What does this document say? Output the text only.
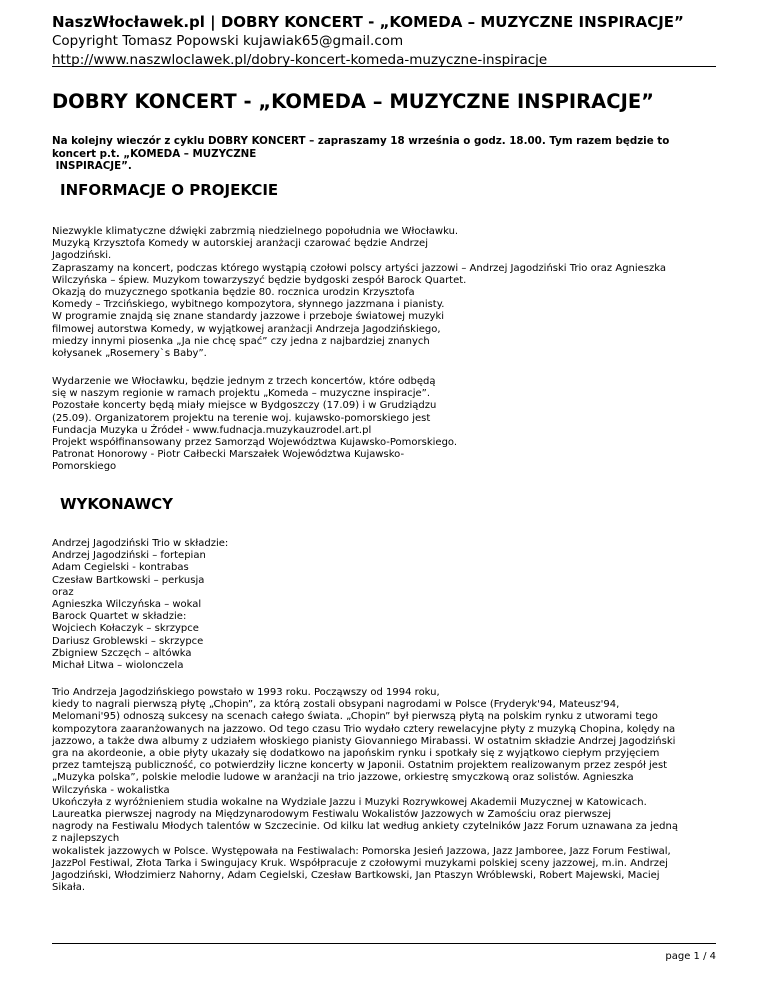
NaszWłocławek.pl | DOBRY KONCERT - „KOMEDA – MUZYCZNE INSPIRACJE”
Copyright Tomasz Popowski kujawiak65@gmail.com
http://www.naszwloclawek.pl/dobry-koncert-komeda-muzyczne-inspiracje
DOBRY KONCERT - „KOMEDA – MUZYCZNE INSPIRACJE”
Na kolejny wieczór z cyklu DOBRY KONCERT – zapraszamy 18 września o godz. 18.00. Tym razem będzie to
koncert p.t. „KOMEDA – MUZYCZNE
INSPIRACJE”.
INFORMACJE O PROJEKCIE
Niezwykle klimatyczne dźwięki zabrzmią niedzielnego popołudnia we Włocławku.
Muzyką Krzysztofa Komedy w autorskiej aranżacji czarować będzie Andrzej
Jagodziński.
Zapraszamy na koncert, podczas którego wystąpią czołowi polscy artyści jazzowi – Andrzej Jagodziński Trio oraz Agnieszka
Wilczyńska – śpiew. Muzykom towarzyszyć będzie bydgoski zespół Barock Quartet.
Okazją do muzycznego spotkania będzie 80. rocznica urodzin Krzysztofa
Komedy – Trzcińskiego, wybitnego kompozytora, słynnego jazzmana i pianisty.
W programie znajdą się znane standardy jazzowe i przeboje światowej muzyki
filmowej autorstwa Komedy, w wyjątkowej aranżacji Andrzeja Jagodzińskiego,
miedzy innymi piosenka „Ja nie chcę spać” czy jedna z najbardziej znanych
kołysanek „Rosemery`s Baby”.
Wydarzenie we Włocławku, będzie jednym z trzech koncertów, które odbędą
się w naszym regionie w ramach projektu „Komeda – muzyczne inspiracje”.
Pozostałe koncerty będą miały miejsce w Bydgoszczy (17.09) i w Grudziądzu
(25.09). Organizatorem projektu na terenie woj. kujawsko-pomorskiego jest
Fundacja Muzyka u Źródeł - www.fudnacja.muzykauzrodel.art.pl
Projekt współfinansowany przez Samorząd Województwa Kujawsko-Pomorskiego.
Patronat Honorowy - Piotr Całbecki Marszałek Województwa Kujawsko-
Pomorskiego
WYKONAWCY
Andrzej Jagodziński Trio w składzie:
Andrzej Jagodziński – fortepian
Adam Cegielski - kontrabas
Czesław Bartkowski – perkusja
oraz
Agnieszka Wilczyńska – wokal
Barock Quartet w składzie:
Wojciech Kołaczyk – skrzypce
Dariusz Groblewski – skrzypce
Zbigniew Szczęch – altówka
Michał Litwa – wiolonczela
Trio Andrzeja Jagodzińskiego powstało w 1993 roku. Począwszy od 1994 roku,
kiedy to nagrali pierwszą płytę „Chopin”, za którą zostali obsypani nagrodami w Polsce (Fryderyk'94, Mateusz'94,
Melomani'95) odnoszą sukcesy na scenach całego świata. „Chopin” był pierwszą płytą na polskim rynku z utworami tego
kompozytora zaaranżowanych na jazzowo. Od tego czasu Trio wydało cztery rewelacyjne płyty z muzyką Chopina, kolędy na
jazzowo, a także dwa albumy z udziałem włoskiego pianisty Giovanniego Mirabassi. W ostatnim składzie Andrzej Jagodziński
gra na akordeonie, a obie płyty ukazały się dodatkowo na japońskim rynku i spotkały się z wyjątkowo ciepłym przyjęciem
przez tamtejszą publiczność, co potwierdziły liczne koncerty w Japonii. Ostatnim projektem realizowanym przez zespół jest
„Muzyka polska”, polskie melodie ludowe w aranżacji na trio jazzowe, orkiestrę smyczkową oraz solistów. Agnieszka
Wilczyńska - wokalistka
Ukończyła z wyróżnieniem studia wokalne na Wydziale Jazzu i Muzyki Rozrywkowej Akademii Muzycznej w Katowicach.
Laureatka pierwszej nagrody na Międzynarodowym Festiwalu Wokalistów Jazzowych w Zamościu oraz pierwszej
nagrody na Festiwalu Młodych talentów w Szczecinie. Od kilku lat według ankiety czytelników Jazz Forum uznawana za jedną
z najlepszych
wokalistek jazzowych w Polsce. Występowała na Festiwalach: Pomorska Jesień Jazzowa, Jazz Jamboree, Jazz Forum Festiwal,
JazzPol Festiwal, Złota Tarka i Swingujacy Kruk. Współpracuje z czołowymi muzykami polskiej sceny jazzowej, m.in. Andrzej
Jagodziński, Włodzimierz Nahorny, Adam Cegielski, Czesław Bartkowski, Jan Ptaszyn Wróblewski, Robert Majewski, Maciej
Sikała.
page 1 / 4
